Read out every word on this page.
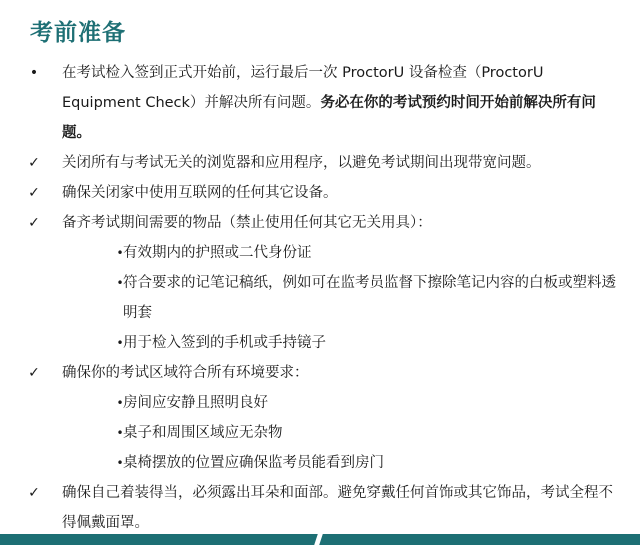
考前准备
•	在考试检入签到正式开始前，运行最后一次 ProctorU 设备检查（ProctorU Equipment Check）并解决所有问题。务必在你的考试预约时间开始前解决所有问题。
✓ 关闭所有与考试无关的浏览器和应用程序，以避免考试期间出现带宽问题。
✓ 确保关闭家中使用互联网的任何其它设备。
✓ 备齐考试期间需要的物品（禁止使用任何其它无关用具）：
• 有效期内的护照或二代身份证
• 符合要求的记笔记稿纸，例如可在监考员监督下擦除笔记内容的白板或塑料透明套
• 用于检入签到的手机或手持镜子
✓ 确保你的考试区域符合所有环境要求：
• 房间应安静且照明良好
• 桌子和周围区域应无杂物
• 桌椅摆放的位置应确保监考员能看到房门
✓ 确保自己着装得当，必须露出耳朵和面部。避免穿戴任何首饰或其它饰品，考试全程不得佩戴面罩。
